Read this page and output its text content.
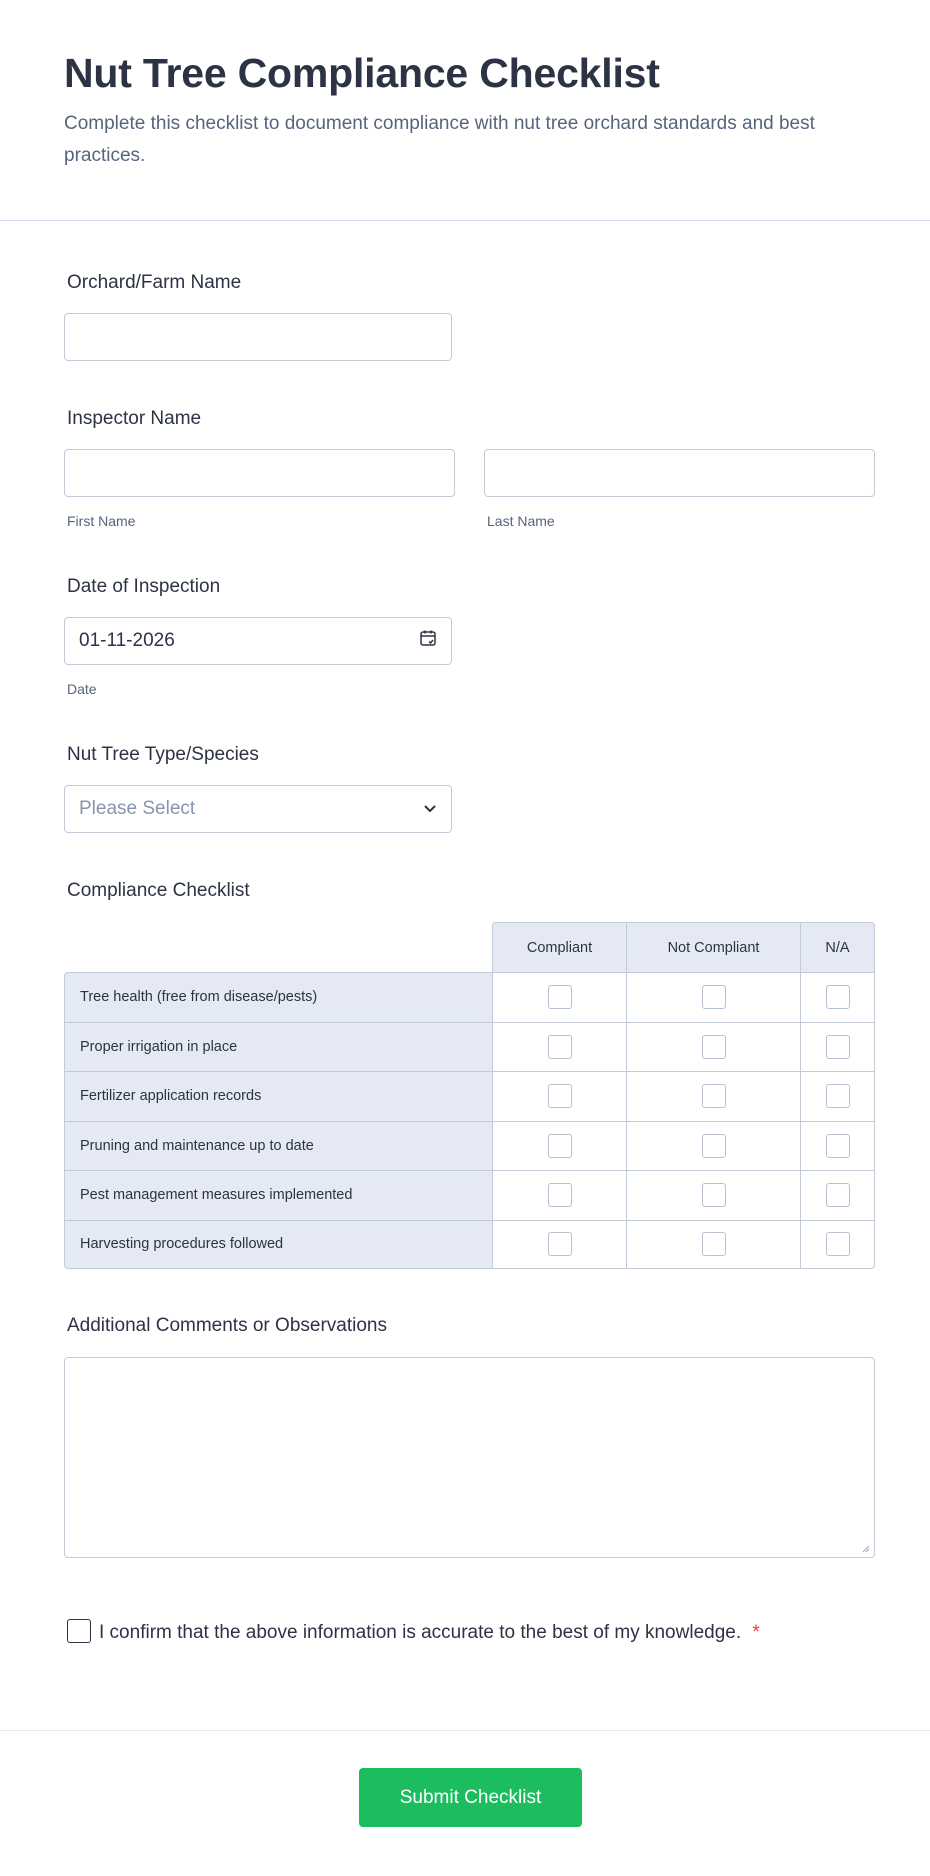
Nut Tree Compliance Checklist

Complete this checklist to document compliance with nut tree orchard standards and best practices.

Orchard/Farm Name
Inspector Name
First Name	Last Name
Date of Inspection
01-11-2026
Date
Nut Tree Type/Species
Please Select
Compliance Checklist
	Compliant	Not Compliant	N/A
Tree health (free from disease/pests)			
Proper irrigation in place			
Fertilizer application records			
Pruning and maintenance up to date			
Pest management measures implemented			
Harvesting procedures followed			
Additional Comments or Observations
I confirm that the above information is accurate to the best of my knowledge. *
Submit Checklist
